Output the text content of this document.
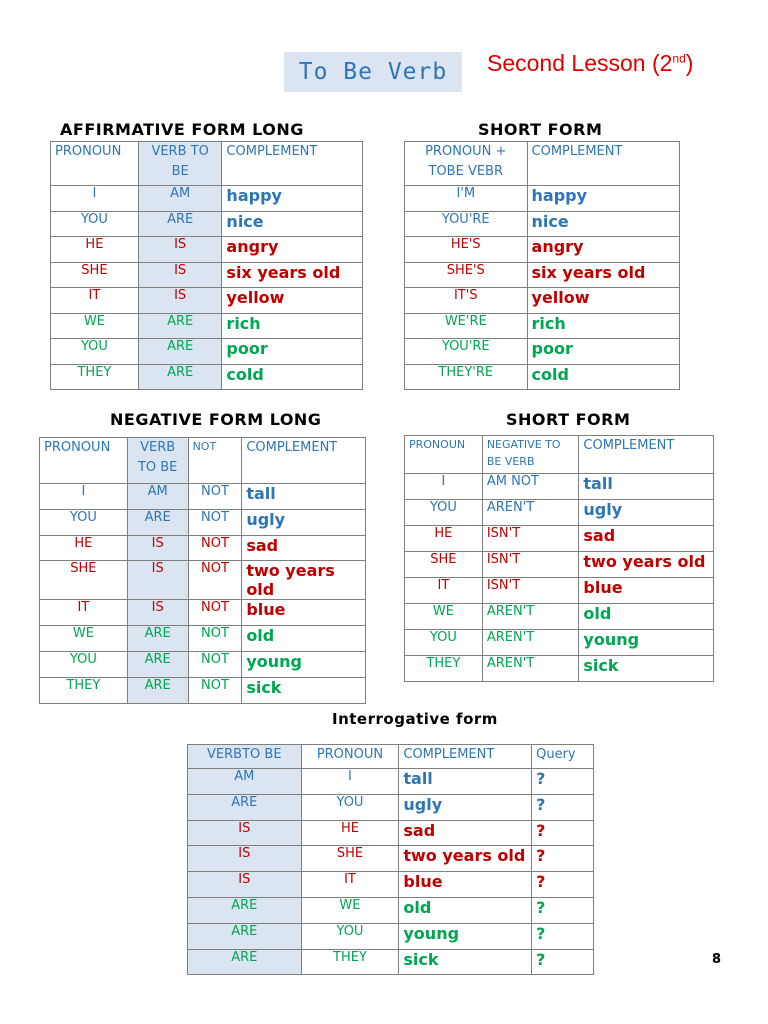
To Be Verb	Second Lesson (2nd)
AFFIRMATIVE FORM LONG
PRONOUN	VERB TO BE	COMPLEMENT
I	AM	happy
YOU	ARE	nice
HE	IS	angry
SHE	IS	six years old
IT	IS	yellow
WE	ARE	rich
YOU	ARE	poor
THEY	ARE	cold
SHORT FORM
PRONOUN + TOBE VEBR	COMPLEMENT
I'M	happy
YOU'RE	nice
HE'S	angry
SHE'S	six years old
IT'S	yellow
WE'RE	rich
YOU'RE	poor
THEY'RE	cold
NEGATIVE FORM LONG
PRONOUN	VERB TO BE	NOT	COMPLEMENT
I	AM	NOT	tall
YOU	ARE	NOT	ugly
HE	IS	NOT	sad
SHE	IS	NOT	two years old
IT	IS	NOT	blue
WE	ARE	NOT	old
YOU	ARE	NOT	young
THEY	ARE	NOT	sick
SHORT FORM
PRONOUN	NEGATIVE TO BE VERB	COMPLEMENT
I	AM NOT	tall
YOU	AREN'T	ugly
HE	ISN'T	sad
SHE	ISN'T	two years old
IT	ISN'T	blue
WE	AREN'T	old
YOU	AREN'T	young
THEY	AREN'T	sick
Interrogative form
VERBTO BE	PRONOUN	COMPLEMENT	Query
AM	I	tall	?
ARE	YOU	ugly	?
IS	HE	sad	?
IS	SHE	two years old	?
IS	IT	blue	?
ARE	WE	old	?
ARE	YOU	young	?
ARE	THEY	sick	?	8
